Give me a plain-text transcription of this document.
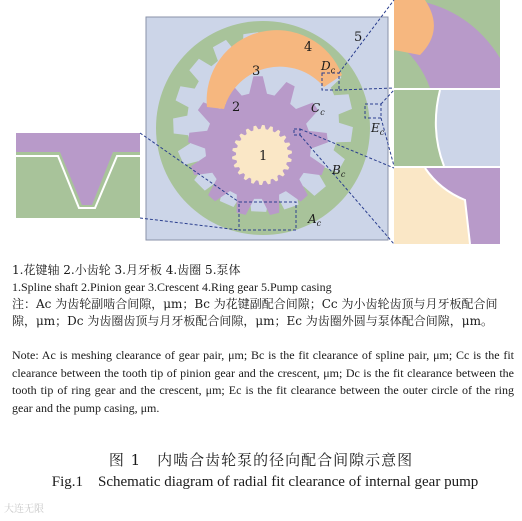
1
2
3
4
5
$A_c$
$B_c$
$C_c$
$D_c$
$E_c$
1.花键轴 2.小齿轮 3.月牙板 4.齿圈 5.泵体
1.Spline shaft 2.Pinion gear 3.Crescent 4.Ring gear 5.Pump casing
注：Ac 为齿轮副啮合间隙，μm；Bc 为花键副配合间隙；Cc 为小齿轮齿顶与月牙板配合间隙，μm；Dc 为齿圈齿顶与月牙板配合间隙，μm；Ec 为齿圈外圆与泵体配合间隙，μm。
Note: Ac is meshing clearance of gear pair, μm; Bc is the fit clearance of spline pair, μm; Cc is the fit clearance between the tooth tip of pinion gear and the crescent, μm; Dc is the fit clearance between the tooth tip of ring gear and the crescent, μm; Ec is the fit clearance between the outer circle of the ring gear and the pump casing, μm.
图 1　内啮合齿轮泵的径向配合间隙示意图
Fig.1　Schematic diagram of radial fit clearance of internal gear pump
大连无限
